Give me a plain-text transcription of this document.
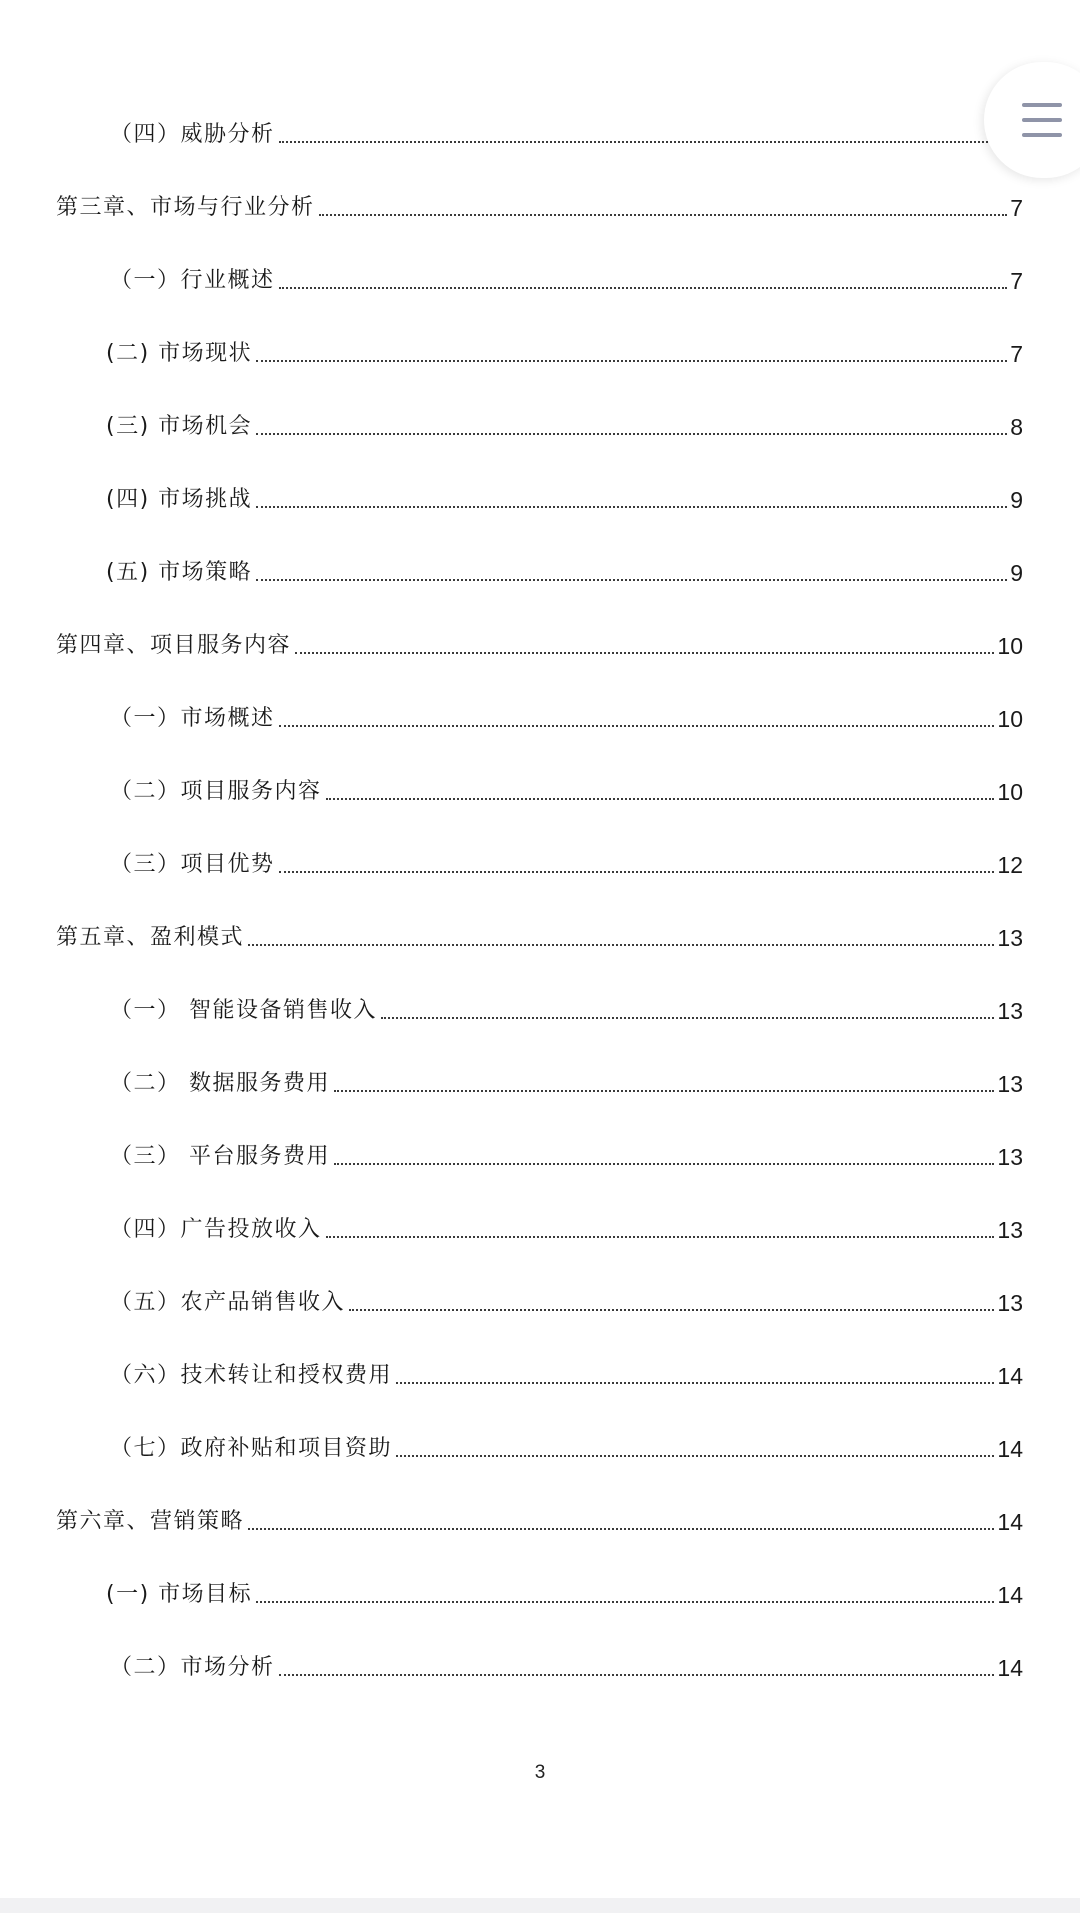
（四）威胁分析
第三章、市场与行业分析	7
（一）行业概述	7
(二) 市场现状	7
(三) 市场机会	8
(四) 市场挑战	9
(五) 市场策略	9
第四章、项目服务内容	10
（一）市场概述	10
（二）项目服务内容	10
（三）项目优势	12
第五章、盈利模式	13
（一） 智能设备销售收入	13
（二） 数据服务费用	13
（三） 平台服务费用	13
（四）广告投放收入	13
（五）农产品销售收入	13
（六）技术转让和授权费用	14
（七）政府补贴和项目资助	14
第六章、营销策略	14
(一) 市场目标	14
（二）市场分析	14
3
